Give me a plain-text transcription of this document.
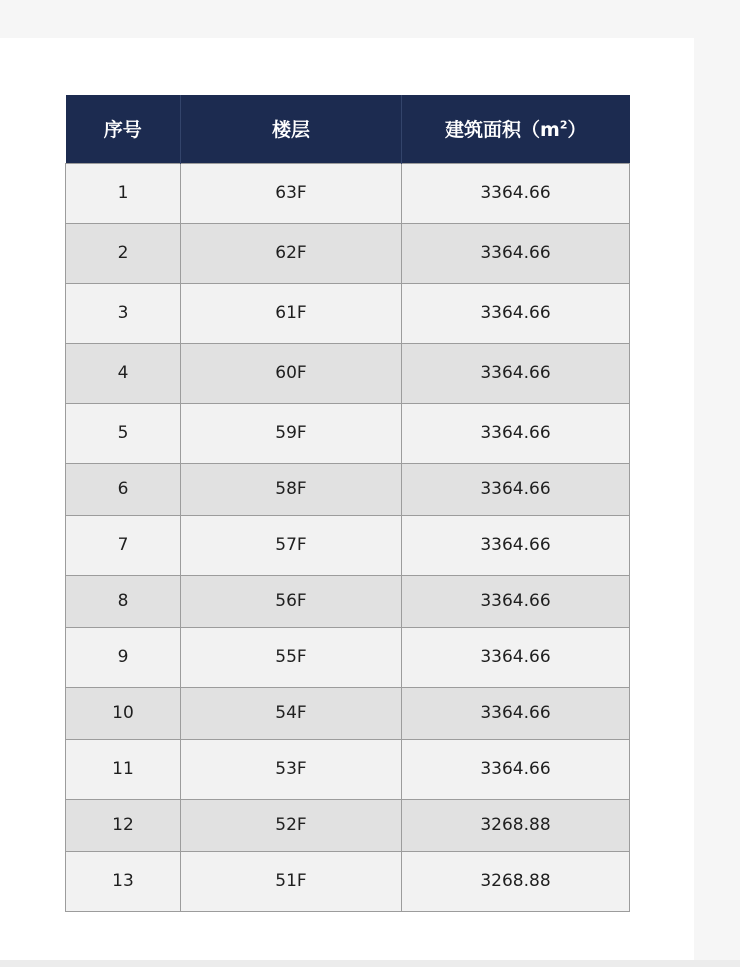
序号	楼层	建筑面积$(m^2)$
1	63F	3364.66
2	62F	3364.66
3	61F	3364.66
4	60F	3364.66
5	59F	3364.66
6	58F	3364.66
7	57F	3364.66
8	56F	3364.66
9	55F	3364.66
10	54F	3364.66
11	53F	3364.66
12	52F	3268.88
13	51F	3268.88
